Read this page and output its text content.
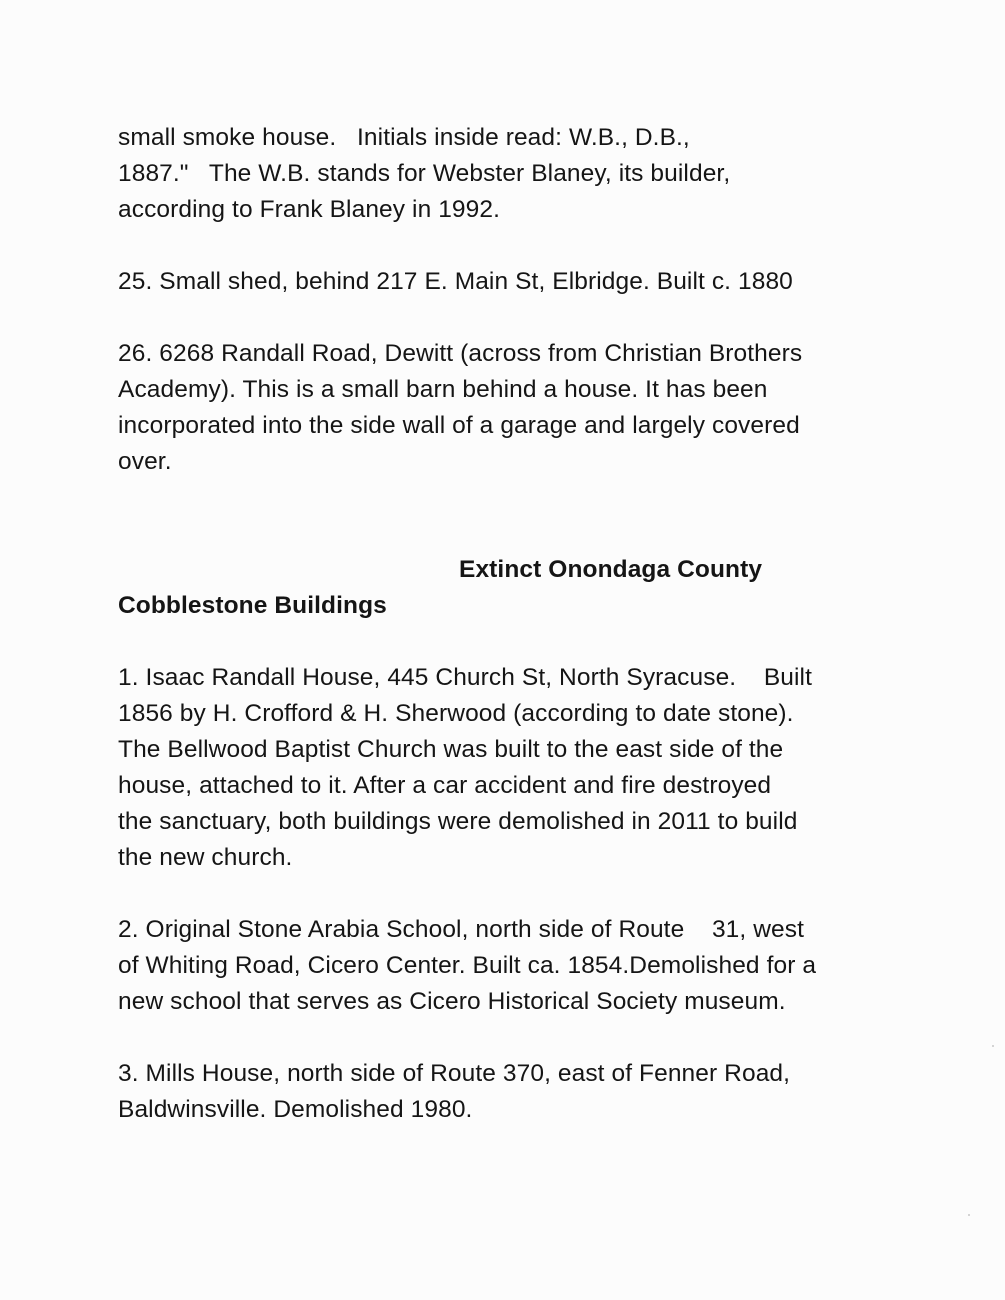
small smoke house.   Initials inside read: W.B., D.B.,
1887."   The W.B. stands for Webster Blaney, its builder,
according to Frank Blaney in 1992.
25. Small shed, behind 217 E. Main St, Elbridge. Built c. 1880
26. 6268 Randall Road, Dewitt (across from Christian Brothers
Academy). This is a small barn behind a house. It has been
incorporated into the side wall of a garage and largely covered
over.
Extinct Onondaga County
Cobblestone Buildings
1. Isaac Randall House, 445 Church St, North Syracuse.    Built
1856 by H. Crofford & H. Sherwood (according to date stone).
The Bellwood Baptist Church was built to the east side of the
house, attached to it. After a car accident and fire destroyed
the sanctuary, both buildings were demolished in 2011 to build
the new church.
2. Original Stone Arabia School, north side of Route    31, west
of Whiting Road, Cicero Center. Built ca. 1854.Demolished for a
new school that serves as Cicero Historical Society museum.
3. Mills House, north side of Route 370, east of Fenner Road,
Baldwinsville. Demolished 1980.
